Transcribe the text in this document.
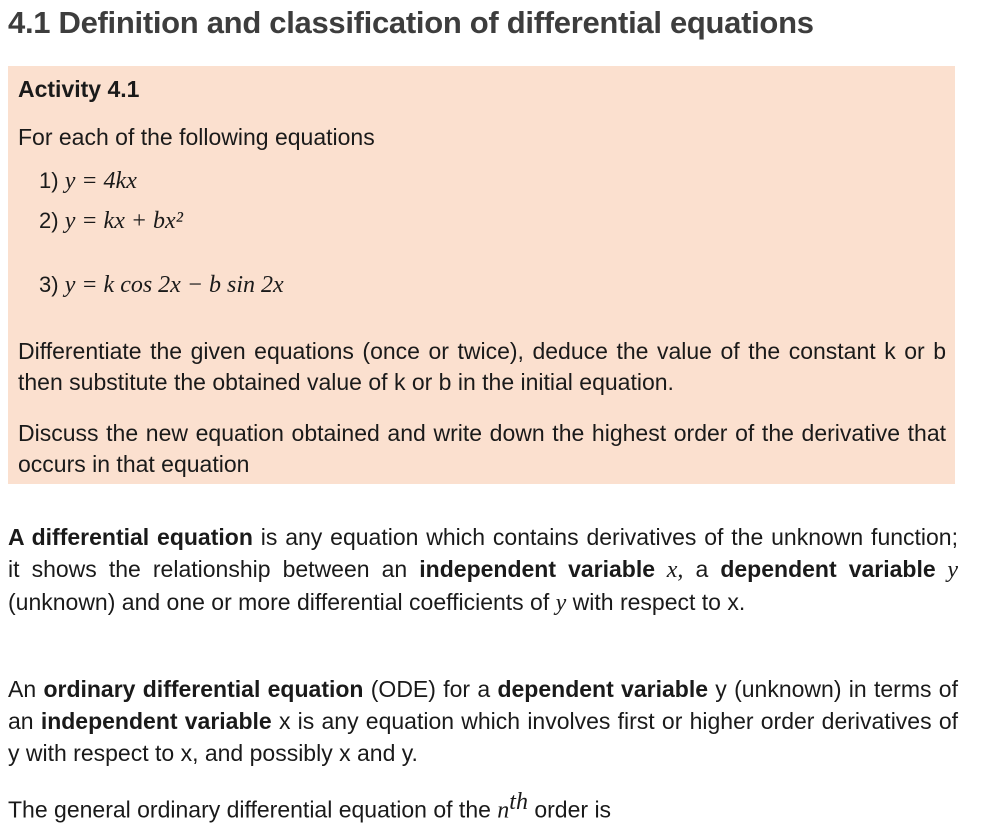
4.1 Definition and classification of differential equations
Activity 4.1
For each of the following equations
1) y = 4kx
2) y = kx + bx²
3) y = k cos 2x − b sin 2x
Differentiate the given equations (once or twice), deduce the value of the constant k or b then substitute the obtained value of k or b in the initial equation.
Discuss the new equation obtained and write down the highest order of the derivative that occurs in that equation
A differential equation is any equation which contains derivatives of the unknown function; it shows the relationship between an independent variable x, a dependent variable y (unknown) and one or more differential coefficients of y with respect to x.
An ordinary differential equation (ODE) for a dependent variable y (unknown) in terms of an independent variable x is any equation which involves first or higher order derivatives of y with respect to x, and possibly x and y.
The general ordinary differential equation of the $n^{th}$ order is
